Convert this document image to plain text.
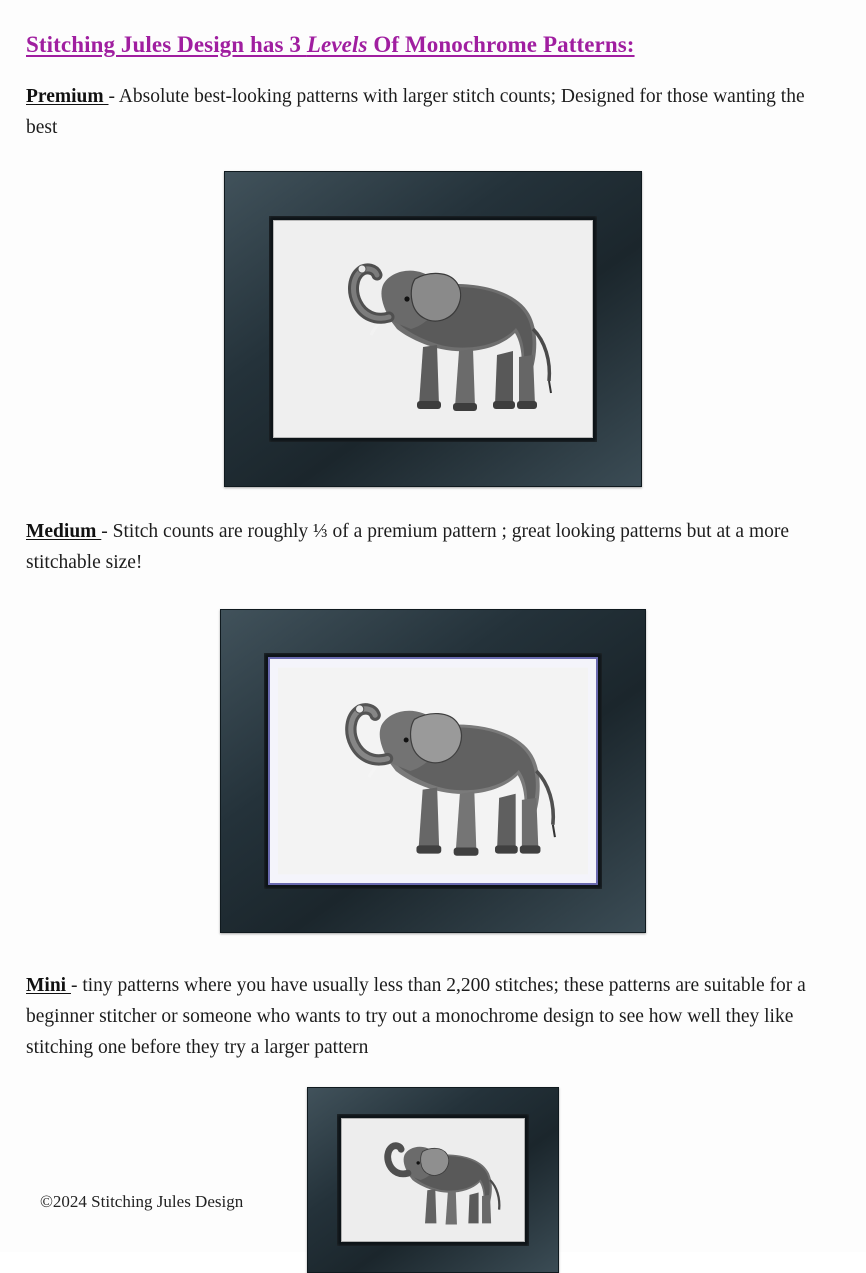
Stitching Jules Design has 3 Levels Of Monochrome Patterns:

Premium - Absolute best-looking patterns with larger stitch counts; Designed for those wanting the best

Medium - Stitch counts are roughly ⅓ of a premium pattern ; great looking patterns but at a more stitchable size!

Mini - tiny patterns where you have usually less than 2,200 stitches; these patterns are suitable for a beginner stitcher or someone who wants to try out a monochrome design to see how well they like stitching one before they try a larger pattern

©2024 Stitching Jules Design
